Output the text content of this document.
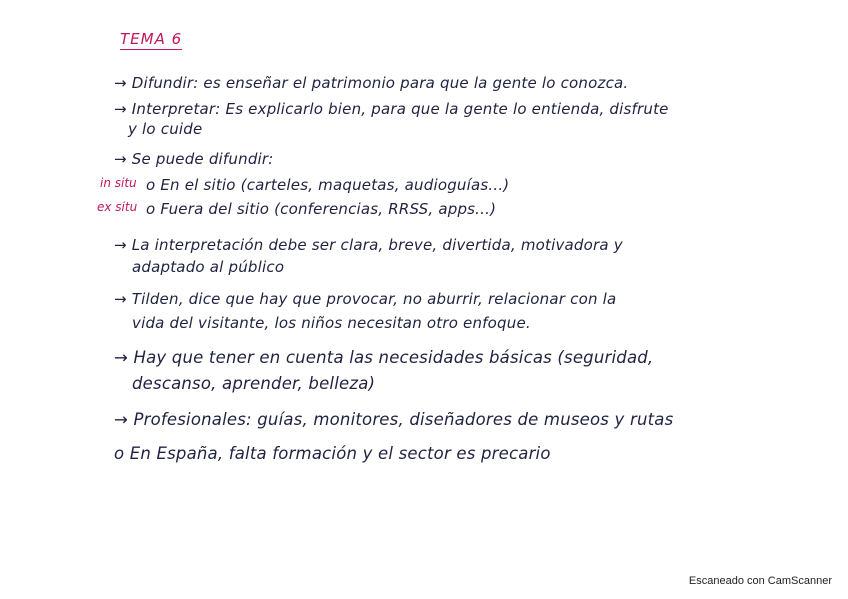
TEMA 6
→ Difundir: es enseñar el patrimonio para que la gente lo conozca.
→ Interpretar: Es explicarlo bien, para que la gente lo entienda, disfrute
y lo cuide
→ Se puede difundir:
in situ o En el sitio (carteles, maquetas, audioguías...)
ex situ o Fuera del sitio (conferencias, RRSS, apps...)
→ La interpretación debe ser clara, breve, divertida, motivadora y
adaptado al público
→ Tilden, dice que hay que provocar, no aburrir, relacionar con la
vida del visitante, los niños necesitan otro enfoque.
→ Hay que tener en cuenta las necesidades básicas (seguridad,
descanso, aprender, belleza)
→ Profesionales: guías, monitores, diseñadores de museos y rutas
o En España, falta formación y el sector es precario
Escaneado con CamScanner
